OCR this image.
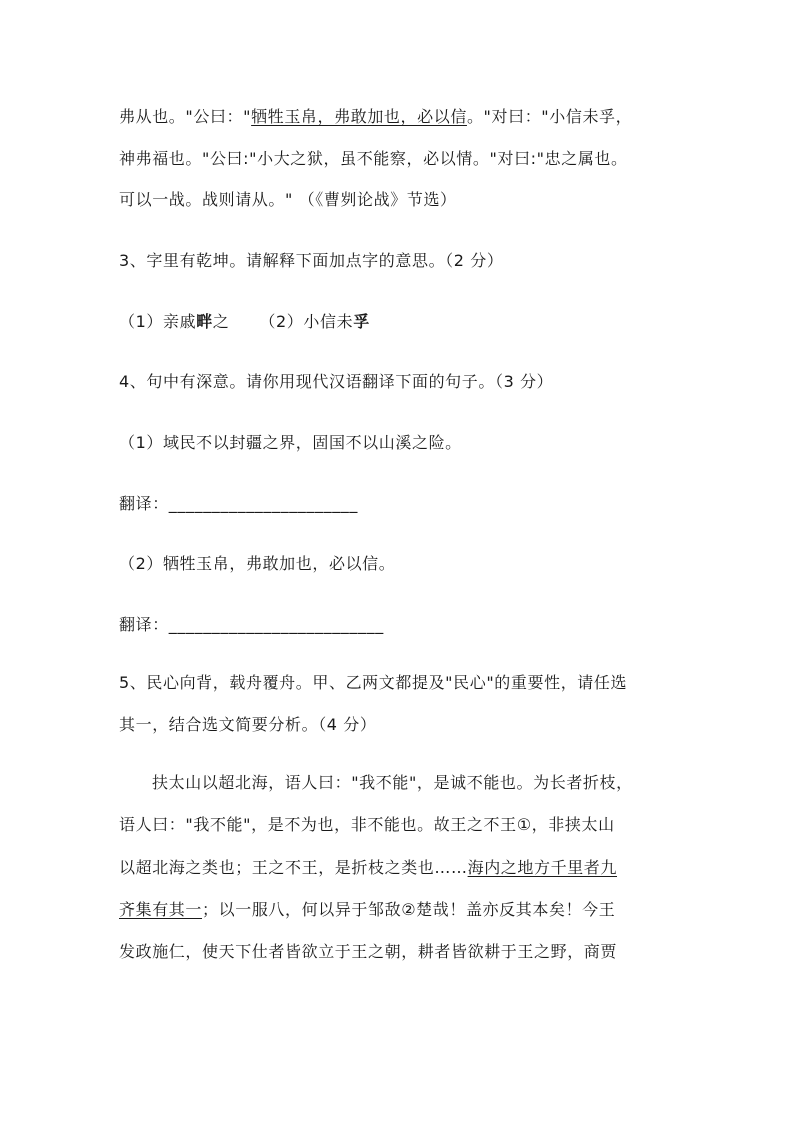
弗从也。"公曰："牺牲玉帛，弗敢加也，必以信。"对曰："小信未孚，
神弗福也。"公曰:"小大之狱，虽不能察，必以情。"对曰:"忠之属也。
可以一战。战则请从。" （《曹刿论战》节选）
3、字里有乾坤。请解释下面加点字的意思。（2 分）
（1）亲戚畔之 （2）小信未孚
4、句中有深意。请你用现代汉语翻译下面的句子。（3 分）
（1）域民不以封疆之界，固国不以山溪之险。
翻译：______________________
（2）牺牲玉帛，弗敢加也，必以信。
翻译：_________________________
5、民心向背，载舟覆舟。甲、乙两文都提及"民心"的重要性，请任选
其一，结合选文简要分析。（4 分）
扶太山以超北海，语人曰："我不能"，是诚不能也。为长者折枝，
语人曰："我不能"，是不为也，非不能也。故王之不王①，非挟太山
以超北海之类也；王之不王，是折枝之类也……海内之地方千里者九
齐集有其一；以一服八，何以异于邹敌②楚哉！盖亦反其本矣！今王
发政施仁，使天下仕者皆欲立于王之朝，耕者皆欲耕于王之野，商贾
